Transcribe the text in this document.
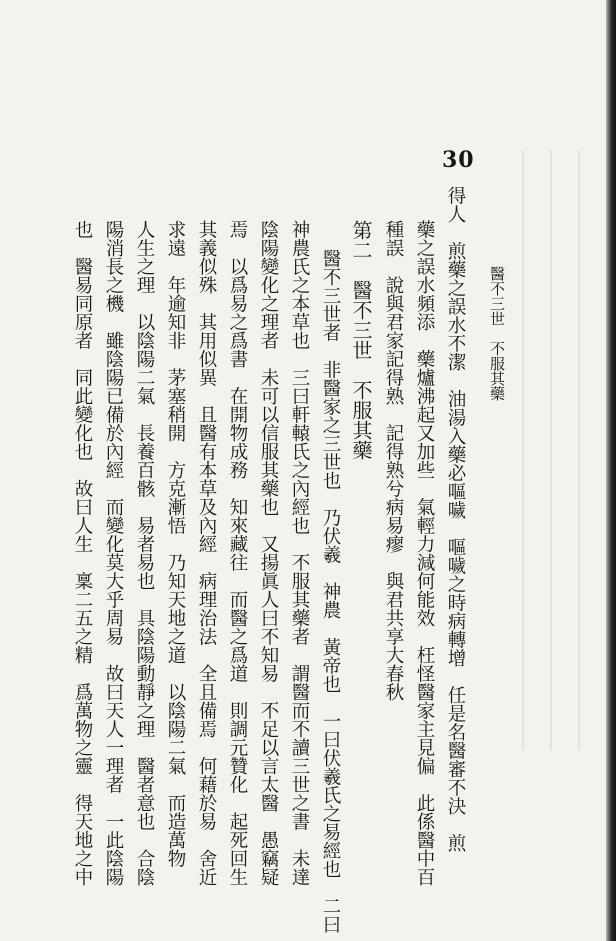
30
醫不三世　不服其藥
得人　煎藥之誤水不潔　油湯入藥必嘔噦　嘔噦之時病轉增　任是名醫審不決　煎
藥之誤水頻添　藥爐沸起又加些　氣輕力減何能效　枉怪醫家主見偏　此係醫中百
種誤　說與君家記得熟　記得熟兮病易瘳　與君共享大春秋
第二　醫不三世　不服其藥
醫不三世者　非醫家之三世也　乃伏羲　神農　黃帝也　一曰伏羲氏之易經也　二曰
神農氏之本草也　三曰軒轅氏之內經也　不服其藥者　謂醫而不讀三世之書　未達
陰陽變化之理者　未可以信服其藥也　又揚眞人曰不知易　不足以言太醫　愚竊疑
焉　以爲易之爲書　在開物成務　知來藏往　而醫之爲道　則調元贊化　起死回生
其義似殊　其用似異　且醫有本草及內經　病理治法　全且備焉　何藉於易　舍近
求遠　年逾知非　茅塞稍開　方克漸悟　乃知天地之道　以陰陽二氣　而造萬物
人生之理　以陰陽二氣　長養百骸　易者易也　具陰陽動靜之理　醫者意也　合陰
陽消長之機　雖陰陽已備於內經　而變化莫大乎周易　故曰天人一理者　一此陰陽
也　醫易同原者　同此變化也　故曰人生　稟二五之精　爲萬物之靈　得天地之中
